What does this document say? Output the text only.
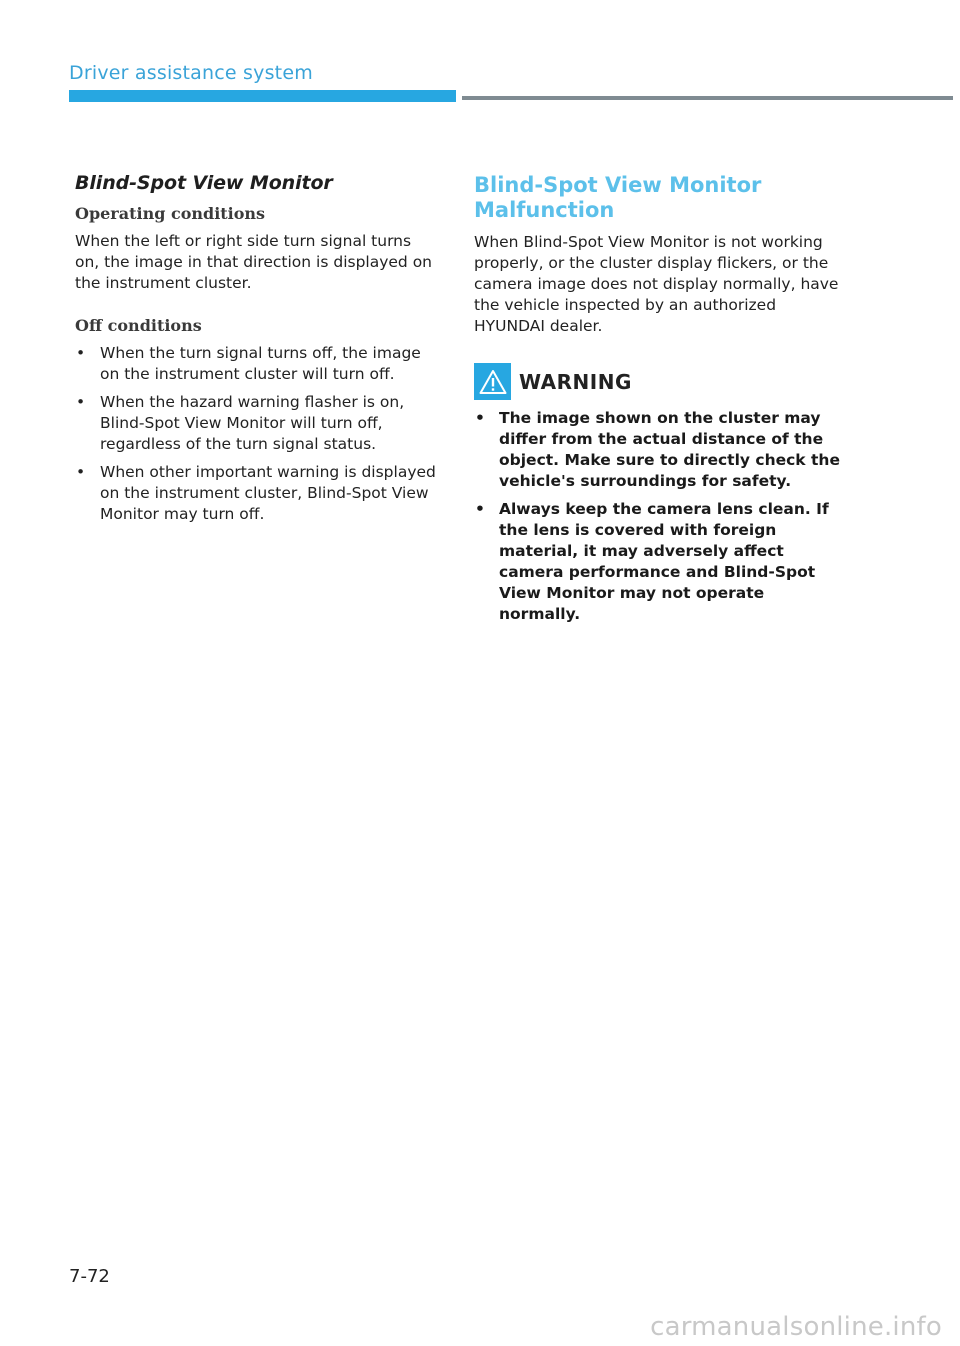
Driver assistance system
Blind-Spot View Monitor
Operating conditions

When the left or right side turn signal turns on, the image in that direction is displayed on the instrument cluster.

Off conditions
• When the turn signal turns off, the image on the instrument cluster will turn off.
• When the hazard warning flasher is on, Blind-Spot View Monitor will turn off, regardless of the turn signal status.
• When other important warning is displayed on the instrument cluster, Blind-Spot View Monitor may turn off.
Blind-Spot View Monitor Malfunction

When Blind-Spot View Monitor is not working properly, or the cluster display flickers, or the camera image does not display normally, have the vehicle inspected by an authorized HYUNDAI dealer.

WARNING
• The image shown on the cluster may differ from the actual distance of the object. Make sure to directly check the vehicle's surroundings for safety.
• Always keep the camera lens clean. If the lens is covered with foreign material, it may adversely affect camera performance and Blind-Spot View Monitor may not operate normally.
7-72
carmanualsonline.info
